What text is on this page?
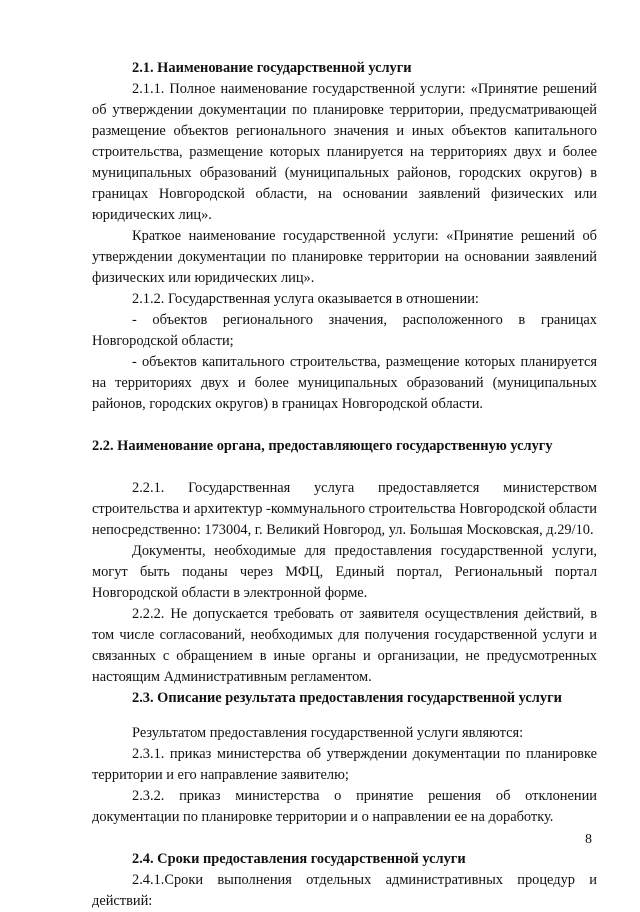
2.1. Наименование государственной услуги

2.1.1. Полное наименование государственной услуги: «Принятие решений об утверждении документации по планировке территории, предусматривающей размещение объектов регионального значения и иных объектов капитального строительства, размещение которых планируется на территориях двух и более муниципальных образований (муниципальных районов, городских округов) в границах Новгородской области, на основании заявлений физических или юридических лиц».

Краткое наименование государственной услуги: «Принятие решений об утверждении документации по планировке территории на основании заявлений физических или юридических лиц».

2.1.2. Государственная услуга оказывается в отношении:

- объектов регионального значения, расположенного в границах Новгородской области;

- объектов капитального строительства, размещение которых планируется на территориях двух и более муниципальных образований (муниципальных районов, городских округов) в границах Новгородской области.

2.2. Наименование органа, предоставляющего государственную услугу

2.2.1. Государственная услуга предоставляется министерством строительства и архитектур -коммунального строительства Новгородской области непосредственно: 173004, г. Великий Новгород, ул. Большая Московская, д.29/10.

Документы, необходимые для предоставления государственной услуги, могут быть поданы через МФЦ, Единый портал, Региональный портал Новгородской области в электронной форме.

2.2.2. Не допускается требовать от заявителя осуществления действий, в том числе согласований, необходимых для получения государственной услуги и связанных с обращением в иные органы и организации, не предусмотренных настоящим Административным регламентом.

2.3. Описание результата предоставления государственной услуги

Результатом предоставления государственной услуги являются:

2.3.1. приказ министерства об утверждении документации по планировке территории и его направление заявителю;

2.3.2. приказ министерства о принятие решения об отклонении документации по планировке территории и о направлении ее на доработку.

2.4. Сроки предоставления государственной услуги

2.4.1.Сроки выполнения отдельных административных процедур и действий:

8
